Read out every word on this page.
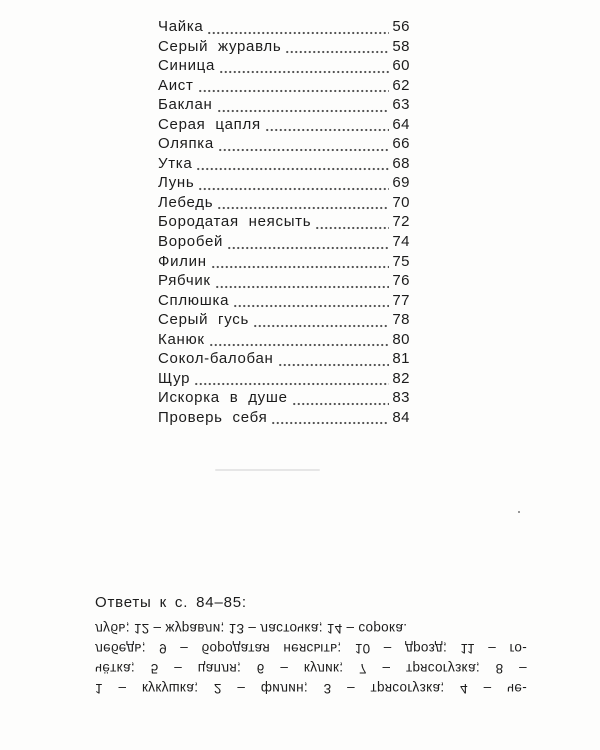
Чайка	56
Серый журавль	58
Синица	60
Аист	62
Баклан	63
Серая цапля	64
Оляпка	66
Утка	68
Лунь	69
Лебедь	70
Бородатая неясыть	72
Воробей	74
Филин	75
Рябчик	76
Сплюшка	77
Серый гусь	78
Канюк	80
Сокол-балобан	81
Щур	82
Искорка в душе	83
Проверь себя	84
Ответы к с. 84–85:
1 – кукушка; 2 – филин; 3 – трясогузка; 4 – че-
чётка; 5 – цапля; 6 – кулик; 7 – трясогузка; 8 –
лебедь; 9 – бородатая неясыть; 10 – дрозд; 11 – го-
лубь; 12 – журавли; 13 – ласточка; 14 – сорока.
